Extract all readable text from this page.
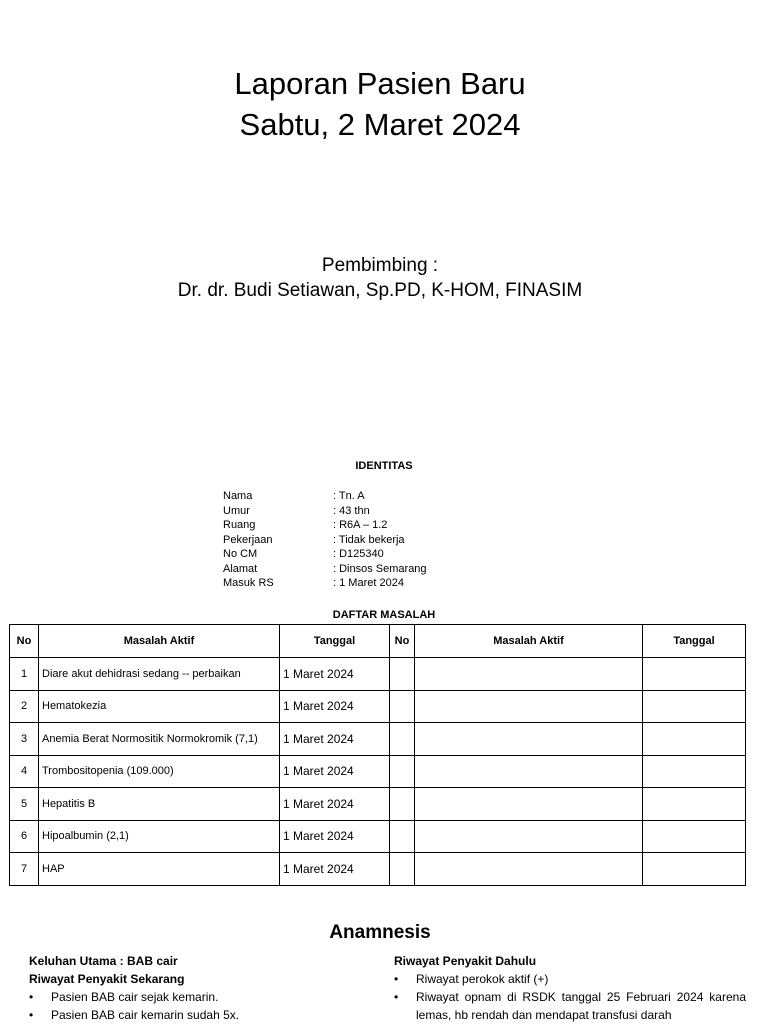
Laporan Pasien Baru
Sabtu, 2 Maret 2024
Pembimbing :
Dr. dr. Budi Setiawan, Sp.PD, K-HOM, FINASIM
IDENTITAS
Nama	: Tn. A
Umur	: 43 thn
Ruang	: R6A – 1.2
Pekerjaan	: Tidak bekerja
No CM	: D125340
Alamat	: Dinsos Semarang
Masuk RS	: 1 Maret 2024
DAFTAR MASALAH
No	Masalah Aktif	Tanggal	No	Masalah Aktif	Tanggal
1	Diare akut dehidrasi sedang -- perbaikan	1 Maret 2024			
2	Hematokezia	1 Maret 2024			
3	Anemia Berat Normositik Normokromik (7,1)	1 Maret 2024			
4	Trombositopenia (109.000)	1 Maret 2024			
5	Hepatitis B	1 Maret 2024			
6	Hipoalbumin (2,1)	1 Maret 2024			
7	HAP	1 Maret 2024			
Anamnesis
Keluhan Utama : BAB cair
Riwayat Penyakit Sekarang
• Pasien BAB cair sejak kemarin.
• Pasien BAB cair kemarin sudah 5x.
Riwayat Penyakit Dahulu
• Riwayat perokok aktif (+)
• Riwayat opnam di RSDK tanggal 25 Februari 2024 karena lemas, hb rendah dan mendapat transfusi darah
